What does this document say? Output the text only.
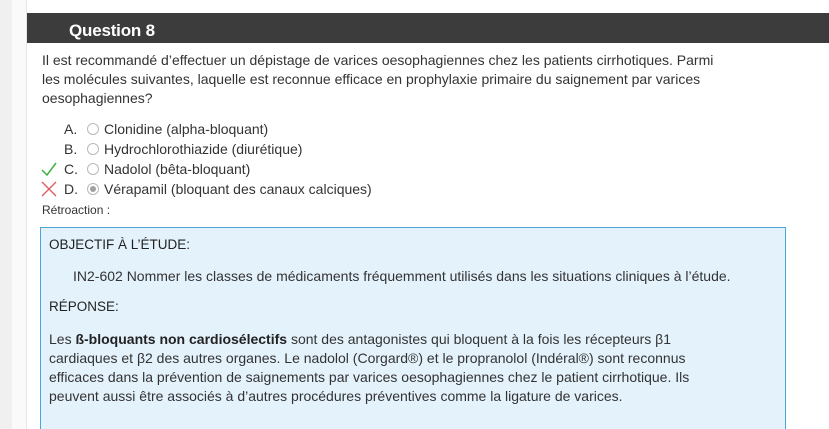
Question 8
Il est recommandé d’effectuer un dépistage de varices oesophagiennes chez les patients cirrhotiques. Parmi les molécules suivantes, laquelle est reconnue efficace en prophylaxie primaire du saignement par varices oesophagiennes?
A. Clonidine (alpha-bloquant)
B. Hydrochlorothiazide (diurétique)
C. Nadolol (bêta-bloquant)
D. Vérapamil (bloquant des canaux calciques)
Rétroaction :
OBJECTIF À L’ÉTUDE:
IN2-602 Nommer les classes de médicaments fréquemment utilisés dans les situations cliniques à l’étude.
RÉPONSE:
Les ß-bloquants non cardiosélectifs sont des antagonistes qui bloquent à la fois les récepteurs β1 cardiaques et β2 des autres organes. Le nadolol (Corgard®) et le propranolol (Indéral®) sont reconnus efficaces dans la prévention de saignements par varices oesophagiennes chez le patient cirrhotique. Ils peuvent aussi être associés à d’autres procédures préventives comme la ligature de varices.
